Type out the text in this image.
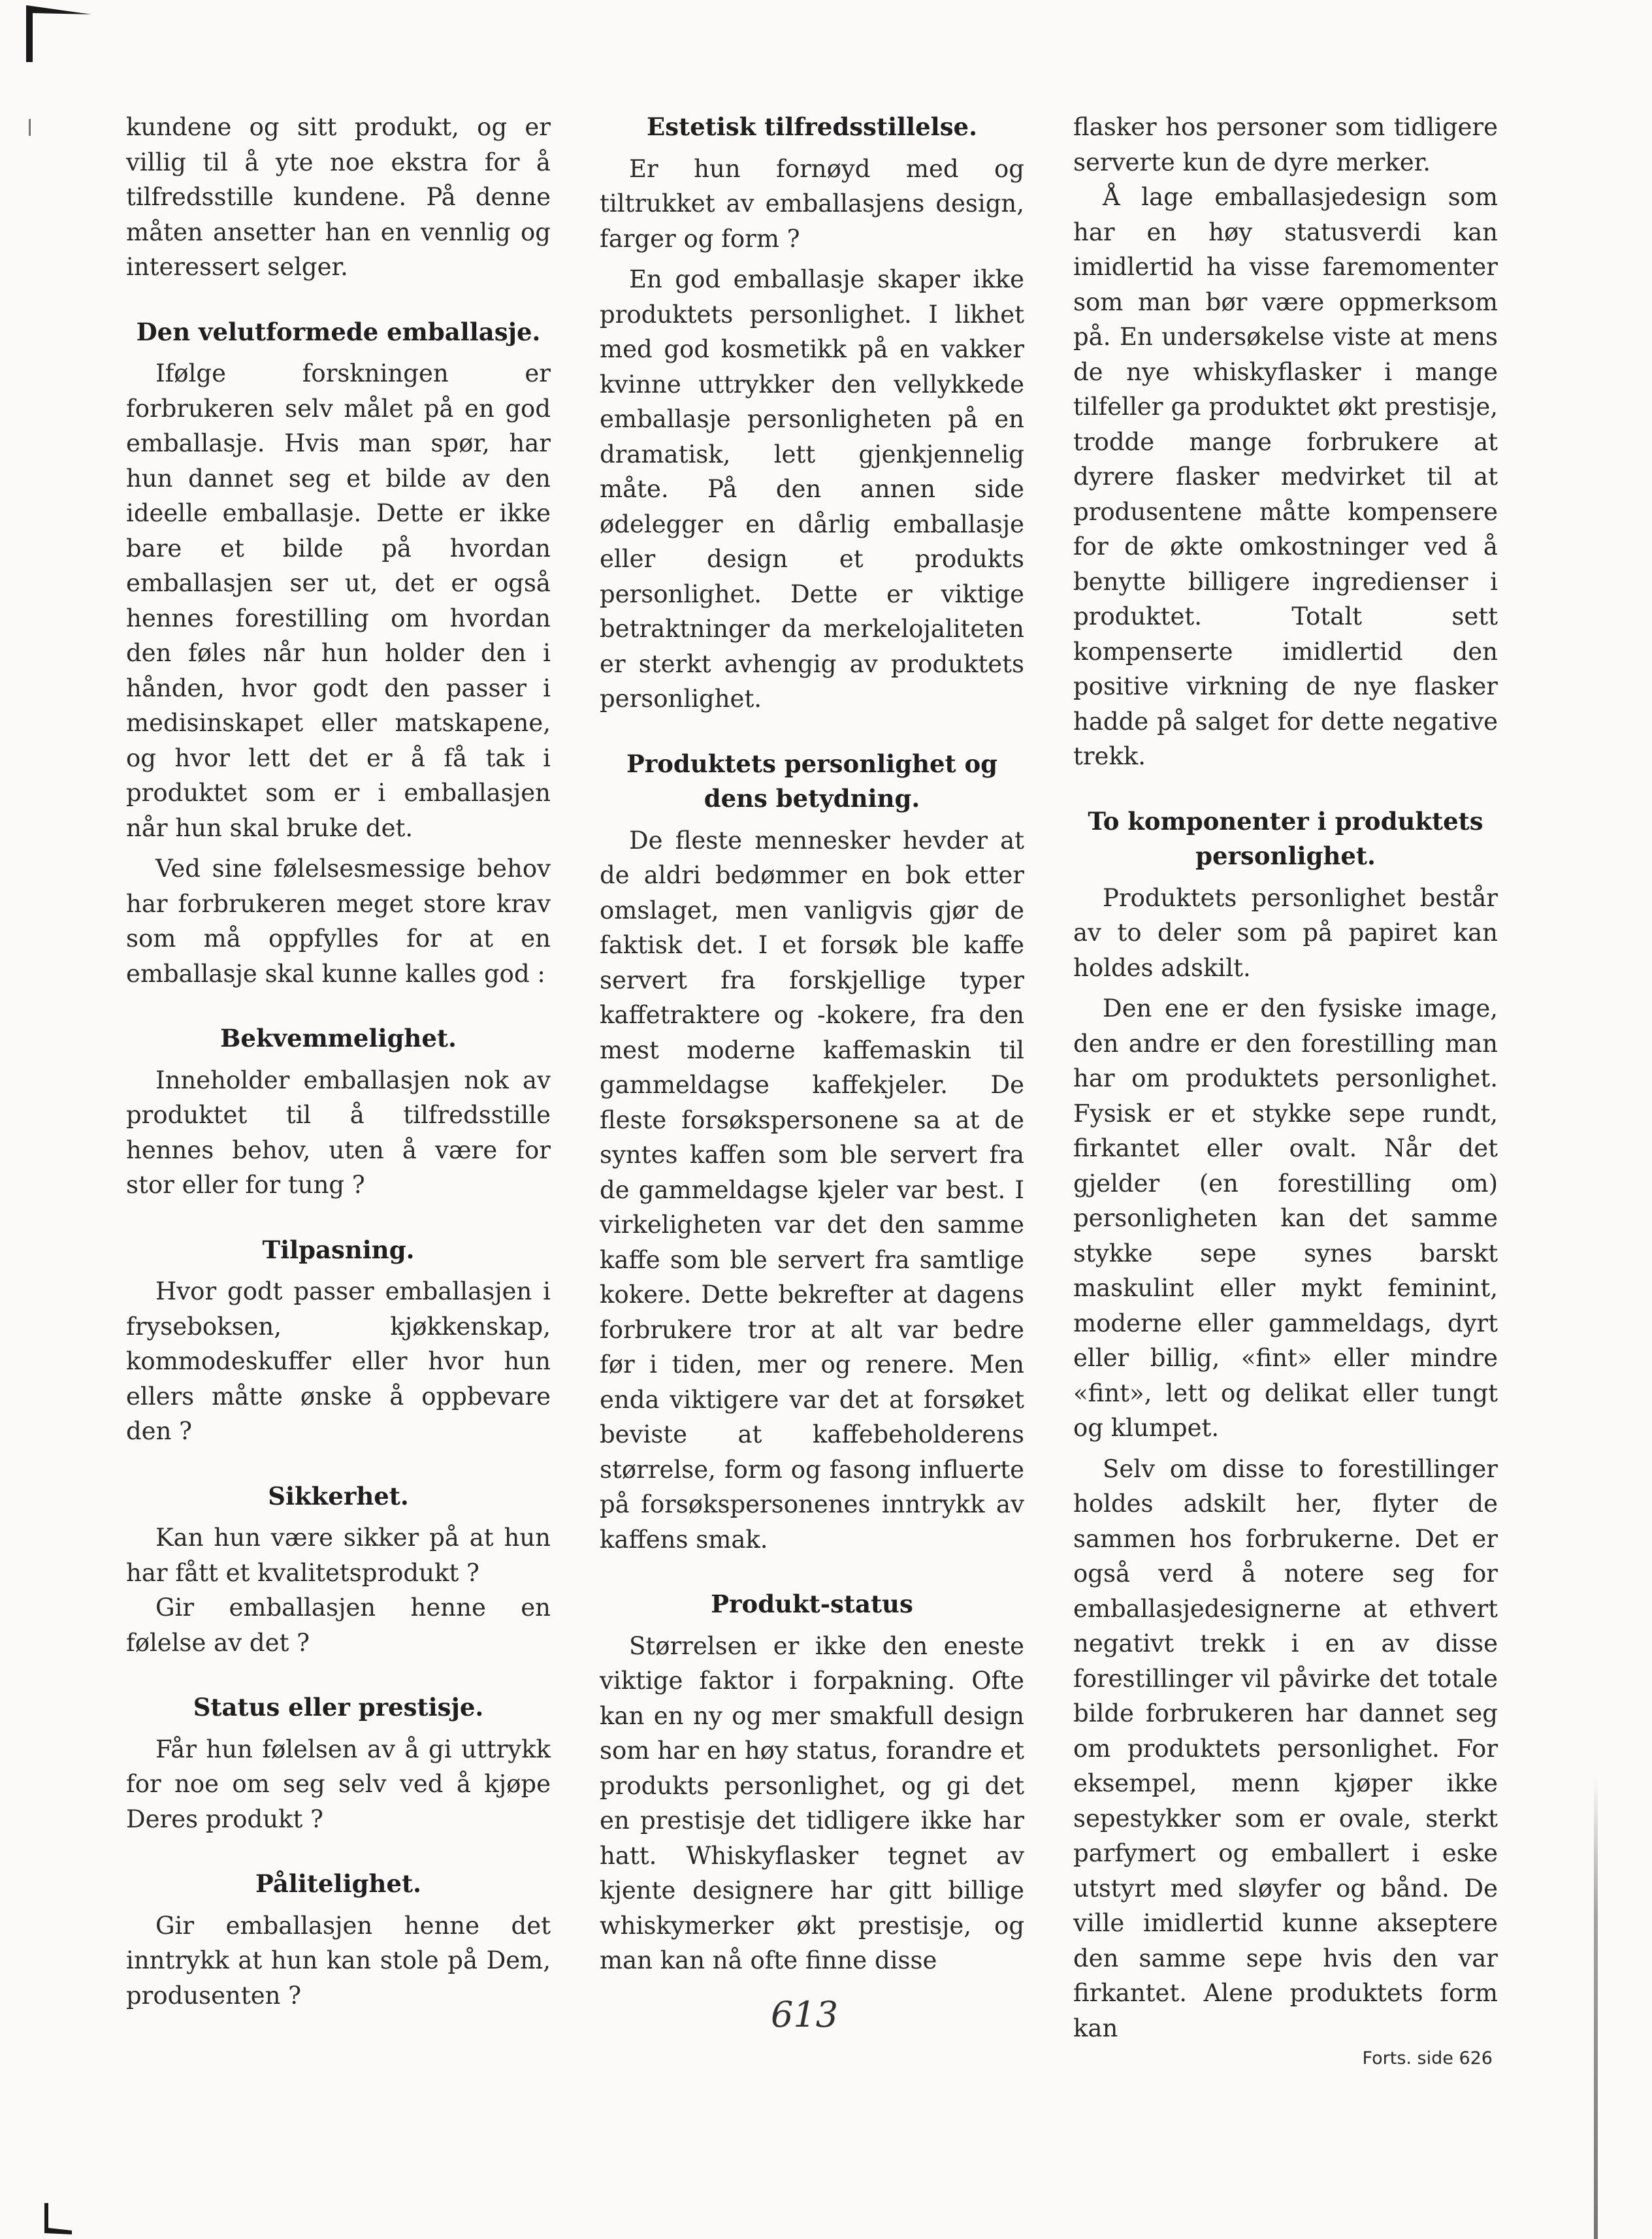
kundene og sitt produkt, og er villig til å yte noe ekstra for å tilfredsstille kundene. På denne måten ansetter han en vennlig og interessert selger.

Den velutformede emballasje.

Ifølge forskningen er forbrukeren selv målet på en god emballasje. Hvis man spør, har hun dannet seg et bilde av den ideelle emballasje. Dette er ikke bare et bilde på hvordan emballasjen ser ut, det er også hennes forestilling om hvordan den føles når hun holder den i hånden, hvor godt den passer i medisinskapet eller matskapene, og hvor lett det er å få tak i produktet som er i emballasjen når hun skal bruke det.

Ved sine følelsesmessige behov har forbrukeren meget store krav som må oppfylles for at en emballasje skal kunne kalles god :

Bekvemmelighet.

Inneholder emballasjen nok av produktet til å tilfredsstille hennes behov, uten å være for stor eller for tung ?

Tilpasning.

Hvor godt passer emballasjen i fryseboksen, kjøkkenskap, kommodeskuffer eller hvor hun ellers måtte ønske å oppbevare den ?

Sikkerhet.

Kan hun være sikker på at hun har fått et kvalitetsprodukt ?

Gir emballasjen henne en følelse av det ?

Status eller prestisje.

Får hun følelsen av å gi uttrykk for noe om seg selv ved å kjøpe Deres produkt ?

Pålitelighet.

Gir emballasjen henne det inntrykk at hun kan stole på Dem, produsenten ?

Estetisk tilfredsstillelse.

Er hun fornøyd med og tiltrukket av emballasjens design, farger og form ?

En god emballasje skaper ikke produktets personlighet. I likhet med god kosmetikk på en vakker kvinne uttrykker den vellykkede emballasje personligheten på en dramatisk, lett gjenkjennelig måte. På den annen side ødelegger en dårlig emballasje eller design et produkts personlighet. Dette er viktige betraktninger da merkelojaliteten er sterkt avhengig av produktets personlighet.

Produktets personlighet og dens betydning.

De fleste mennesker hevder at de aldri bedømmer en bok etter omslaget, men vanligvis gjør de faktisk det. I et forsøk ble kaffe servert fra forskjellige typer kaffetraktere og -kokere, fra den mest moderne kaffemaskin til gammeldagse kaffekjeler. De fleste forsøkspersonene sa at de syntes kaffen som ble servert fra de gammeldagse kjeler var best. I virkeligheten var det den samme kaffe som ble servert fra samtlige kokere. Dette bekrefter at dagens forbrukere tror at alt var bedre før i tiden, mer og renere. Men enda viktigere var det at forsøket beviste at kaffebeholderens størrelse, form og fasong influerte på forsøkspersonenes inntrykk av kaffens smak.

Produkt-status

Størrelsen er ikke den eneste viktige faktor i forpakning. Ofte kan en ny og mer smakfull design som har en høy status, forandre et produkts personlighet, og gi det en prestisje det tidligere ikke har hatt. Whiskyflasker tegnet av kjente designere har gitt billige whiskymerker økt prestisje, og man kan nå ofte finne disse

flasker hos personer som tidligere serverte kun de dyre merker.

Å lage emballasjedesign som har en høy statusverdi kan imidlertid ha visse faremomenter som man bør være oppmerksom på. En undersøkelse viste at mens de nye whiskyflasker i mange tilfeller ga produktet økt prestisje, trodde mange forbrukere at dyrere flasker medvirket til at produsentene måtte kompensere for de økte omkostninger ved å benytte billigere ingredienser i produktet. Totalt sett kompenserte imidlertid den positive virkning de nye flasker hadde på salget for dette negative trekk.

To komponenter i produktets personlighet.

Produktets personlighet består av to deler som på papiret kan holdes adskilt.

Den ene er den fysiske image, den andre er den forestilling man har om produktets personlighet. Fysisk er et stykke sepe rundt, firkantet eller ovalt. Når det gjelder (en forestilling om) personligheten kan det samme stykke sepe synes barskt maskulint eller mykt feminint, moderne eller gammeldags, dyrt eller billig, «fint» eller mindre «fint», lett og delikat eller tungt og klumpet.

Selv om disse to forestillinger holdes adskilt her, flyter de sammen hos forbrukerne. Det er også verd å notere seg for emballasjedesignerne at ethvert negativt trekk i en av disse forestillinger vil påvirke det totale bilde forbrukeren har dannet seg om produktets personlighet. For eksempel, menn kjøper ikke sepestykker som er ovale, sterkt parfymert og emballert i eske utstyrt med sløyfer og bånd. De ville imidlertid kunne akseptere den samme sepe hvis den var firkantet. Alene produktets form kan

Forts. side 626
613
